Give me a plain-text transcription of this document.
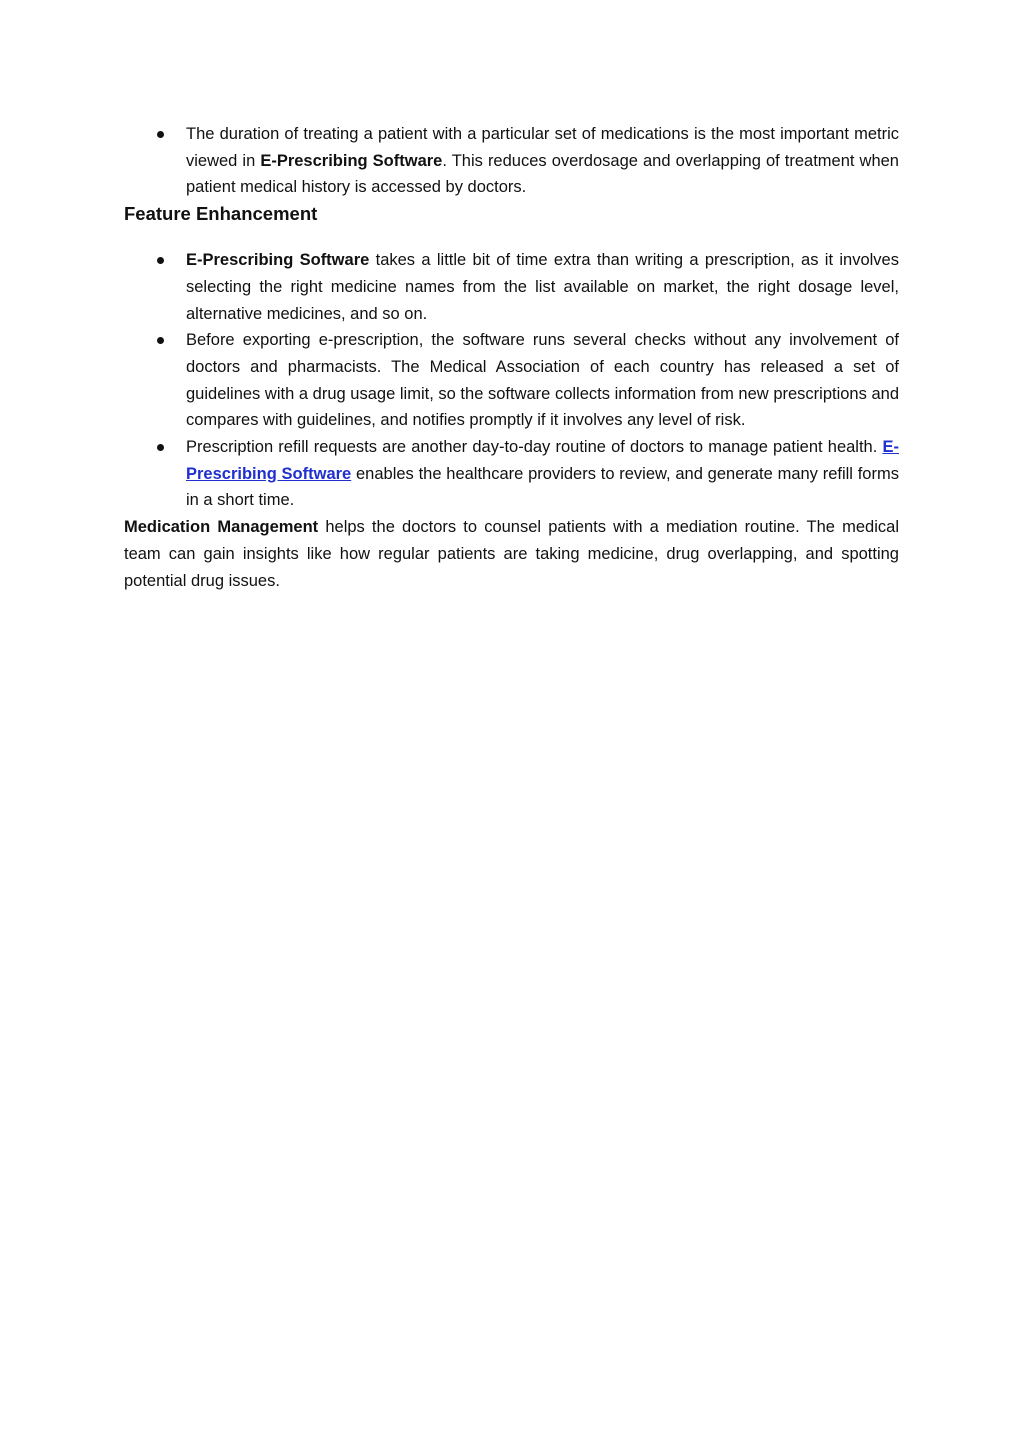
The duration of treating a patient with a particular set of medications is the most important metric viewed in E-Prescribing Software. This reduces overdosage and overlapping of treatment when patient medical history is accessed by doctors.
Feature Enhancement
E-Prescribing Software takes a little bit of time extra than writing a prescription, as it involves selecting the right medicine names from the list available on market, the right dosage level, alternative medicines, and so on.
Before exporting e-prescription, the software runs several checks without any involvement of doctors and pharmacists. The Medical Association of each country has released a set of guidelines with a drug usage limit, so the software collects information from new prescriptions and compares with guidelines, and notifies promptly if it involves any level of risk.
Prescription refill requests are another day-to-day routine of doctors to manage patient health. E-Prescribing Software enables the healthcare providers to review, and generate many refill forms in a short time.

Medication Management helps the doctors to counsel patients with a mediation routine. The medical team can gain insights like how regular patients are taking medicine, drug overlapping, and spotting potential drug issues.
